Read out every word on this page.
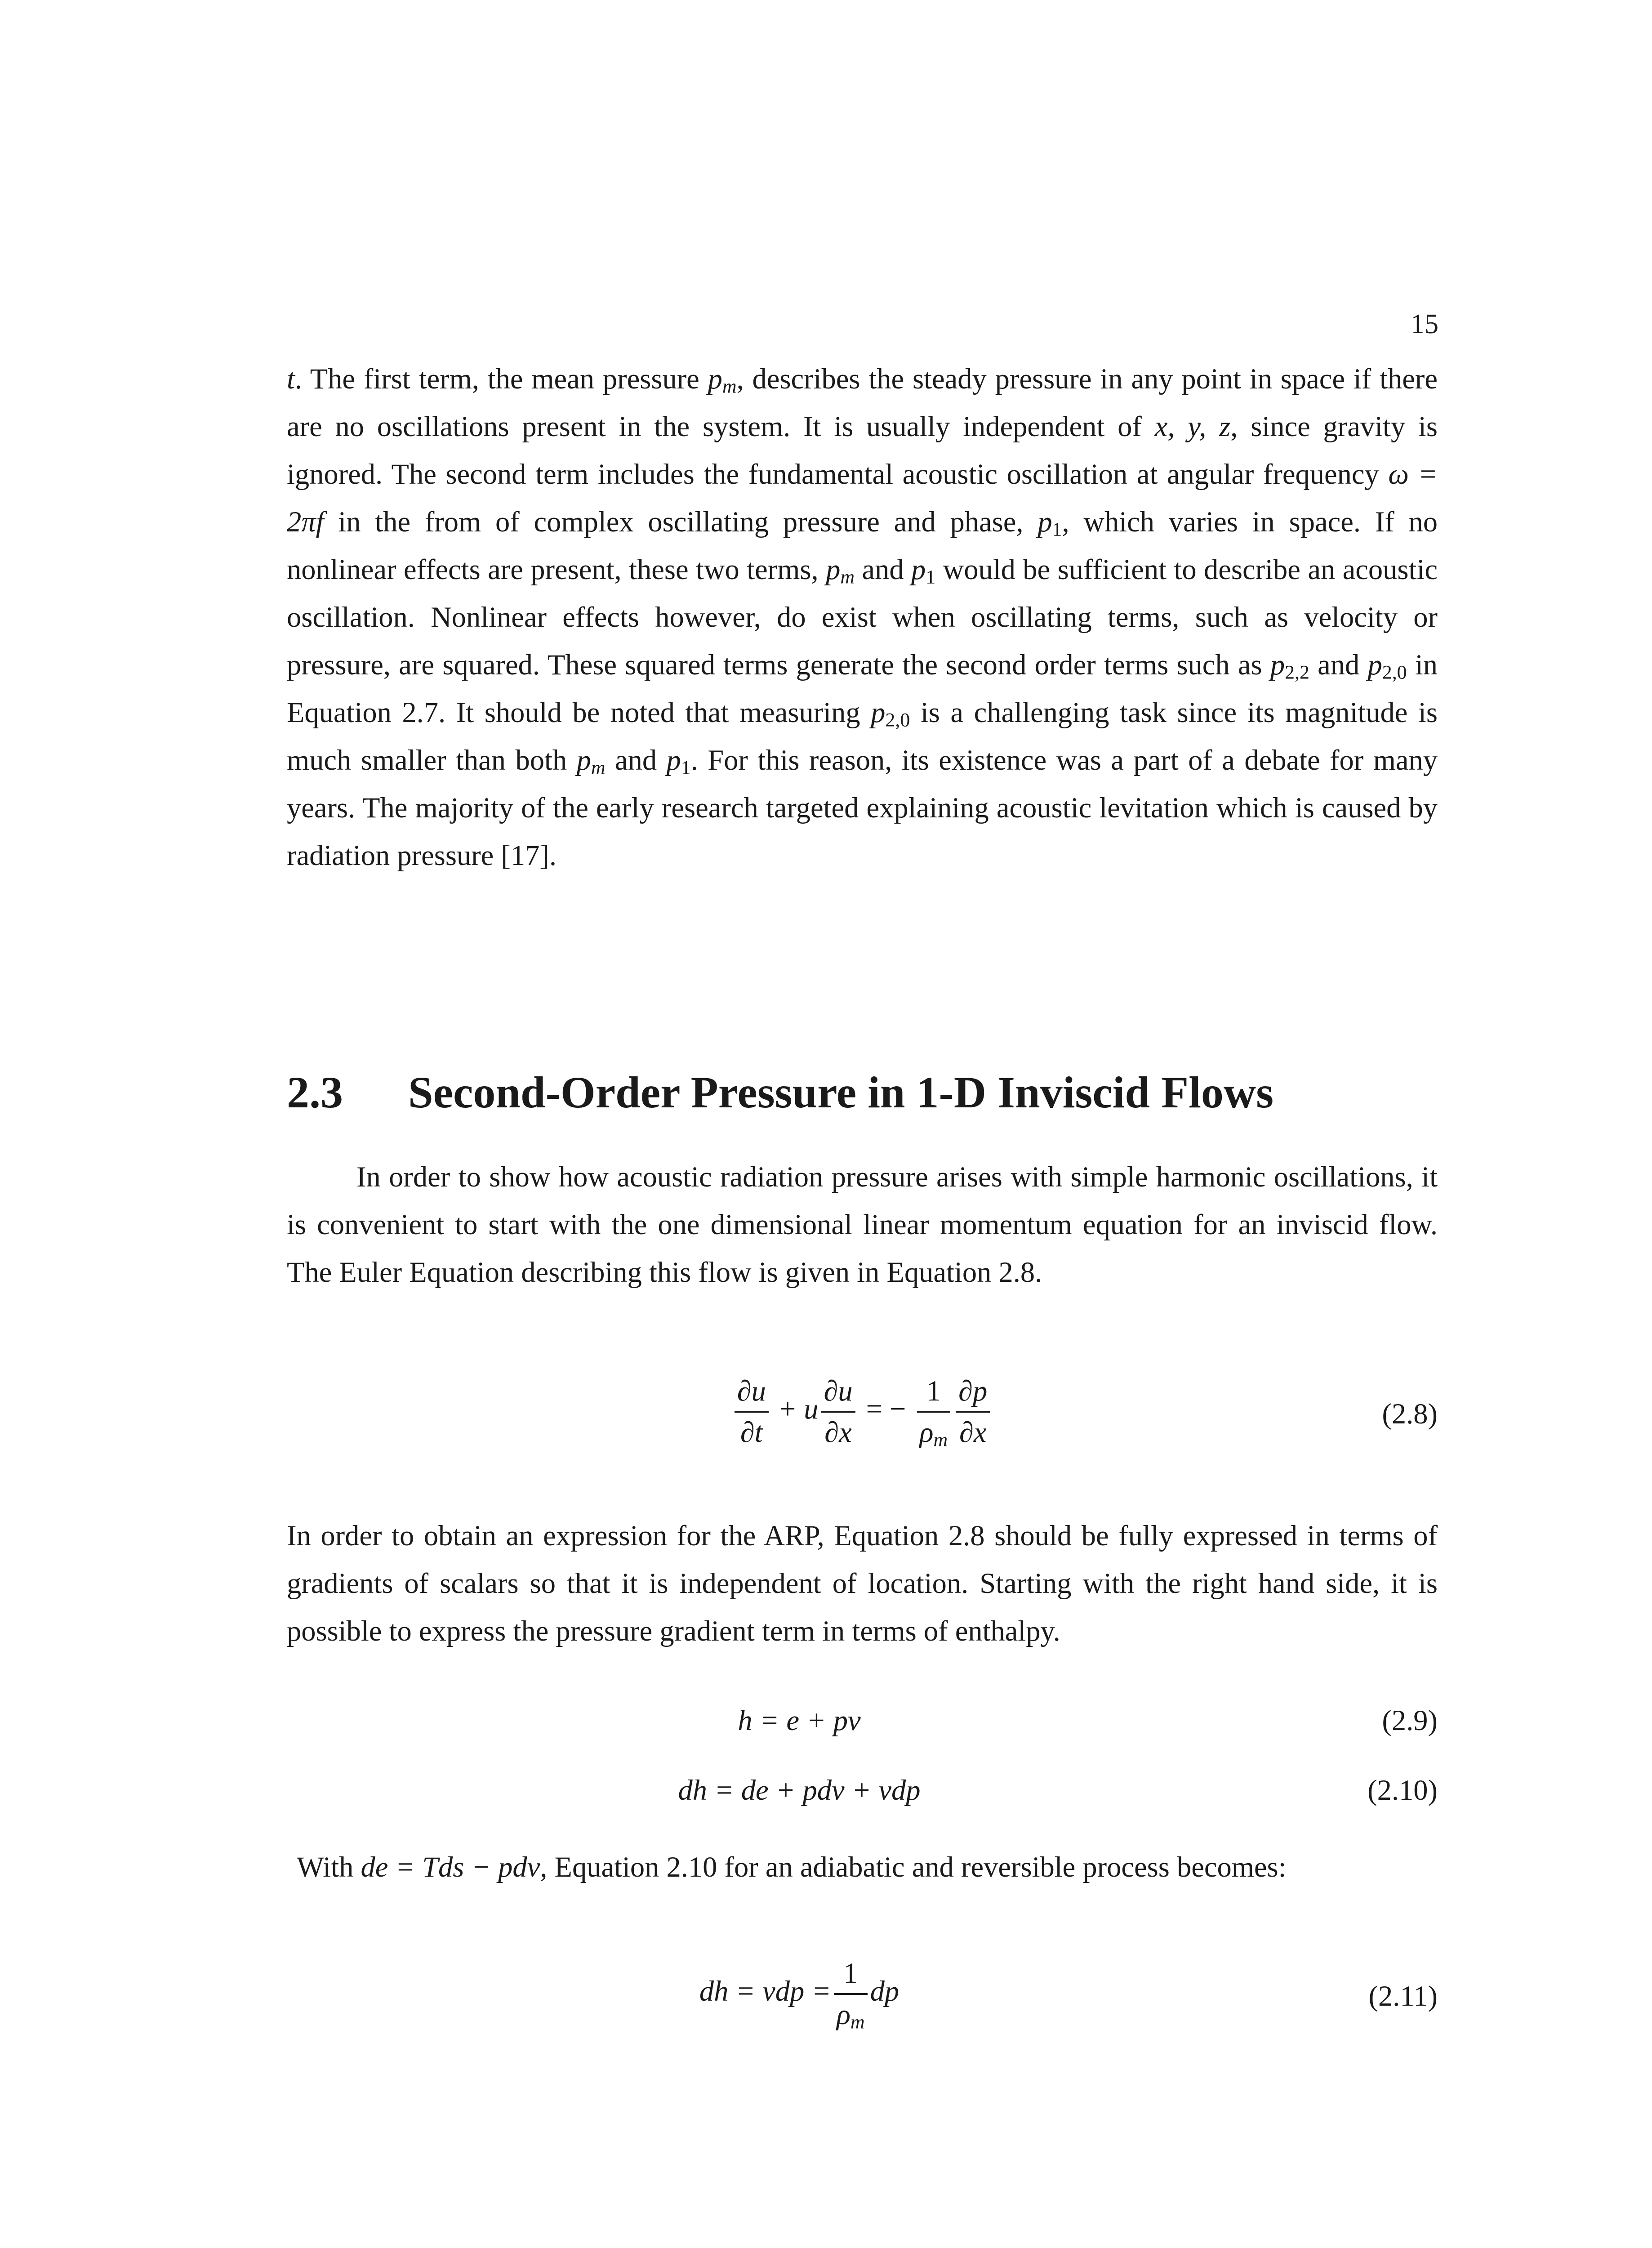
15

t. The first term, the mean pressure $p_m$, describes the steady pressure in any point in space if there are no oscillations present in the system. It is usually independent of x, y, z, since gravity is ignored. The second term includes the fundamental acoustic oscillation at angular frequency ω = 2πf in the from of complex oscillating pressure and phase, $p_1$, which varies in space. If no nonlinear effects are present, these two terms, $p_m$ and $p_1$ would be sufficient to describe an acoustic oscillation. Nonlinear effects however, do exist when oscillating terms, such as velocity or pressure, are squared. These squared terms generate the second order terms such as $p_{2,2}$ and $p_{2,0}$ in Equation 2.7. It should be noted that measuring $p_{2,0}$ is a challenging task since its magnitude is much smaller than both $p_m$ and $p_1$. For this reason, its existence was a part of a debate for many years. The majority of the early research targeted explaining acoustic levitation which is caused by radiation pressure [17].

2.3 Second-Order Pressure in 1-D Inviscid Flows

In order to show how acoustic radiation pressure arises with simple harmonic oscillations, it is convenient to start with the one dimensional linear momentum equation for an inviscid flow. The Euler Equation describing this flow is given in Equation 2.8.

$\frac{\partial u}{\partial t} + u \frac{\partial u}{\partial x}$ = − $\frac{1}{\rho_m} \frac{\partial p}{\partial x}$	(2.8)

In order to obtain an expression for the ARP, Equation 2.8 should be fully expressed in terms of gradients of scalars so that it is independent of location. Starting with the right hand side, it is possible to express the pressure gradient term in terms of enthalpy.

h = e + pv	(2.9)
dh = de + pdv + vdp	(2.10)

With de = Tds − pdv, Equation 2.10 for an adiabatic and reversible process becomes:

dh = vdp = $\frac{1}{\rho_m}$ dp	(2.11)
